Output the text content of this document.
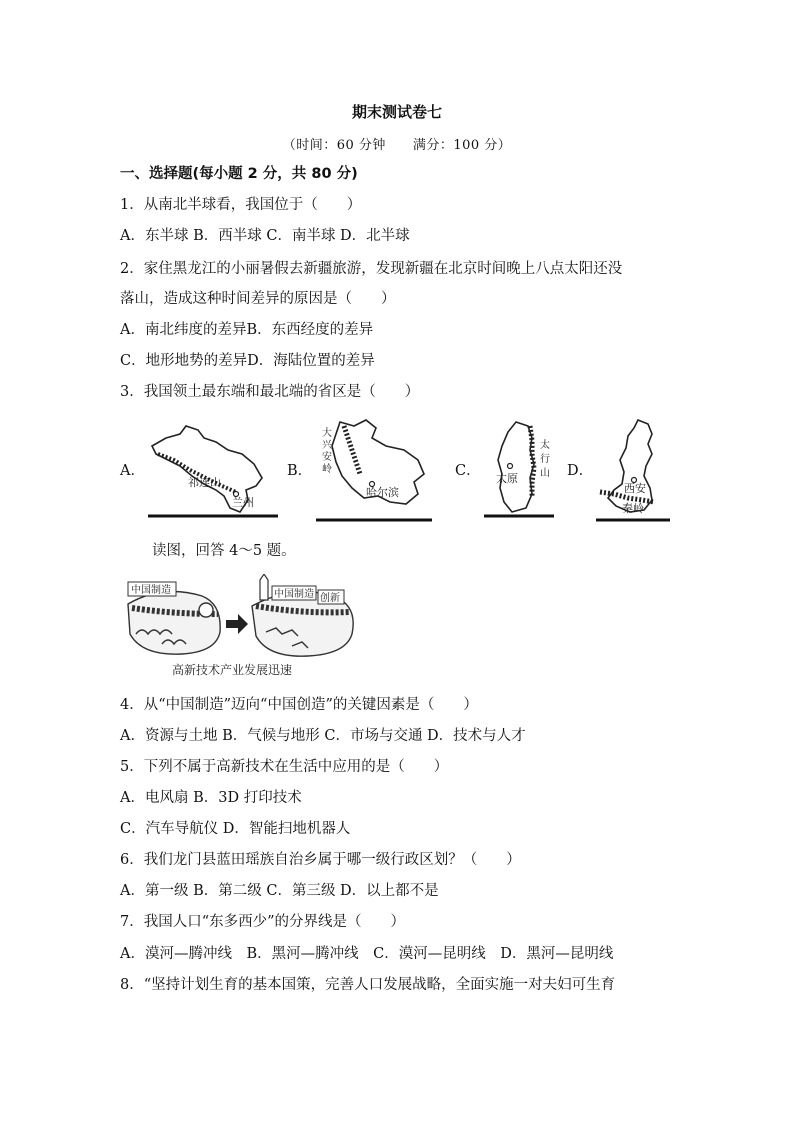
期末测试卷七
（时间：60 分钟　　满分：100 分）
一、选择题(每小题 2 分，共 80 分)
1．从南北半球看，我国位于（　　）
A．东半球 B．西半球 C．南半球 D．北半球
2．家住黑龙江的小丽暑假去新疆旅游，发现新疆在北京时间晚上八点太阳还没
落山，造成这种时间差异的原因是（　　）
A．南北纬度的差异B．东西经度的差异
C．地形地势的差异D．海陆位置的差异
3．我国领土最东端和最北端的省区是（　　）
A．	B．	C．	D．
祁连山
兰州
大
兴
安
岭
哈尔滨
太原
太
行
山
西安
秦岭
读图，回答 4～5 题。
中国制造	中国制造 创新
高新技术产业发展迅速
4．从“中国制造”迈向“中国创造”的关键因素是（　　）
A．资源与土地 B．气候与地形 C．市场与交通 D．技术与人才
5．下列不属于高新技术在生活中应用的是（　　）
A．电风扇 B．3D 打印技术
C．汽车导航仪 D．智能扫地机器人
6．我们龙门县蓝田瑶族自治乡属于哪一级行政区划？（　　）
A．第一级 B．第二级 C．第三级 D．以上都不是
7．我国人口“东多西少”的分界线是（　　）
A．漠河—腾冲线　B．黑河—腾冲线　C．漠河—昆明线　D．黑河—昆明线
8．“坚持计划生育的基本国策，完善人口发展战略，全面实施一对夫妇可生育
